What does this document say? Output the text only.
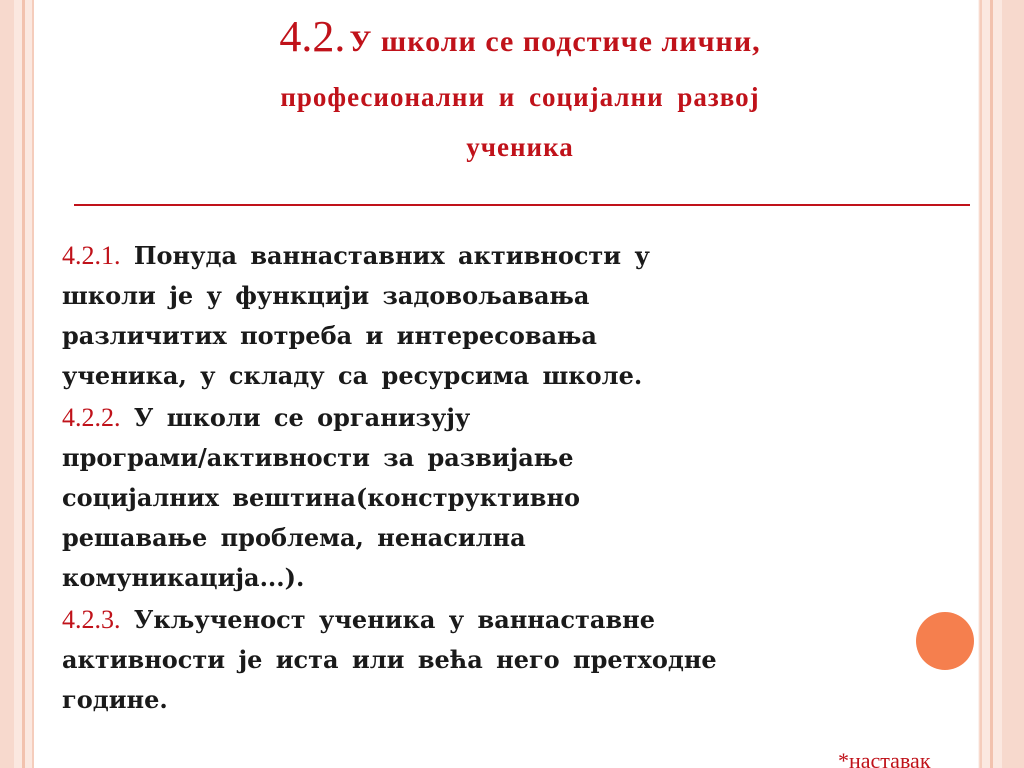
4.2. У школи се подстиче лични,
професионални и социјални развој
ученика
4.2.1. Понуда ваннаставних активности у
школи је у функцији задовољавања
различитих потреба и интересовања
ученика, у складу са ресурсима школе.
4.2.2. У школи се организују
програми/активности за развијање
социјалних вештина(конструктивно
решавање проблема, ненасилна
комуникација...).
4.2.3. Укљученост ученика у ваннаставне
активности је иста или већа него претходне
године.
*наставак
